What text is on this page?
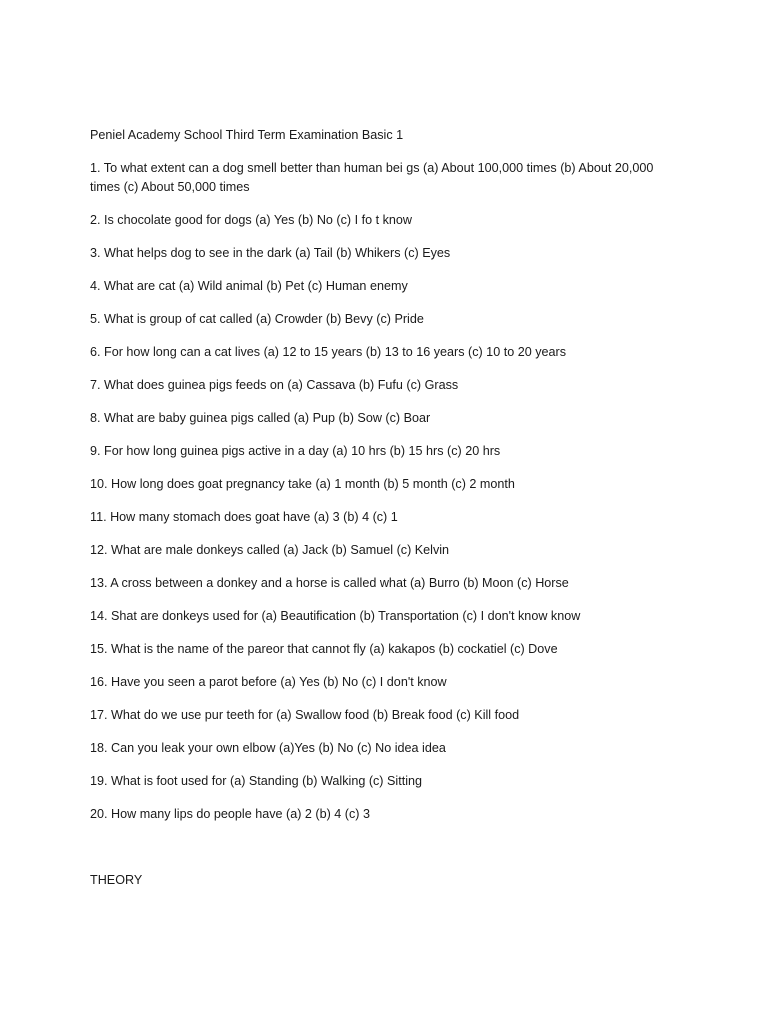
Peniel Academy School Third Term Examination Basic 1

1. To what extent can a dog smell better than human bei gs (a) About 100,000 times (b) About 20,000 times (c) About 50,000 times

2. Is chocolate good for dogs (a) Yes (b) No (c) I fo t know

3. What helps dog to see in the dark (a) Tail (b) Whikers (c) Eyes

4. What are cat (a) Wild animal (b) Pet (c) Human enemy

5. What is group of cat called (a) Crowder (b) Bevy (c) Pride

6. For how long can a cat lives (a) 12 to 15 years (b) 13 to 16 years (c) 10 to 20 years

7. What does guinea pigs feeds on (a) Cassava (b) Fufu (c) Grass

8. What are baby guinea pigs called (a) Pup (b) Sow (c) Boar

9. For how long guinea pigs active in a day (a) 10 hrs (b) 15 hrs (c) 20 hrs

10. How long does goat pregnancy take (a) 1 month (b) 5 month (c) 2 month

11. How many stomach does goat have (a) 3 (b) 4 (c) 1

12. What are male donkeys called (a) Jack (b) Samuel (c) Kelvin

13. A cross between a donkey and a horse is called what (a) Burro (b) Moon (c) Horse

14. Shat are donkeys used for (a) Beautification (b) Transportation (c) I don't know know

15. What is the name of the pareor that cannot fly (a) kakapos (b) cockatiel (c) Dove

16. Have you seen a parot before (a) Yes (b) No (c) I don't know

17. What do we use pur teeth for (a) Swallow food (b) Break food (c) Kill food

18. Can you leak your own elbow (a)Yes (b) No (c) No idea idea

19. What is foot used for (a) Standing (b) Walking (c) Sitting

20. How many lips do people have (a) 2 (b) 4 (c) 3

THEORY
